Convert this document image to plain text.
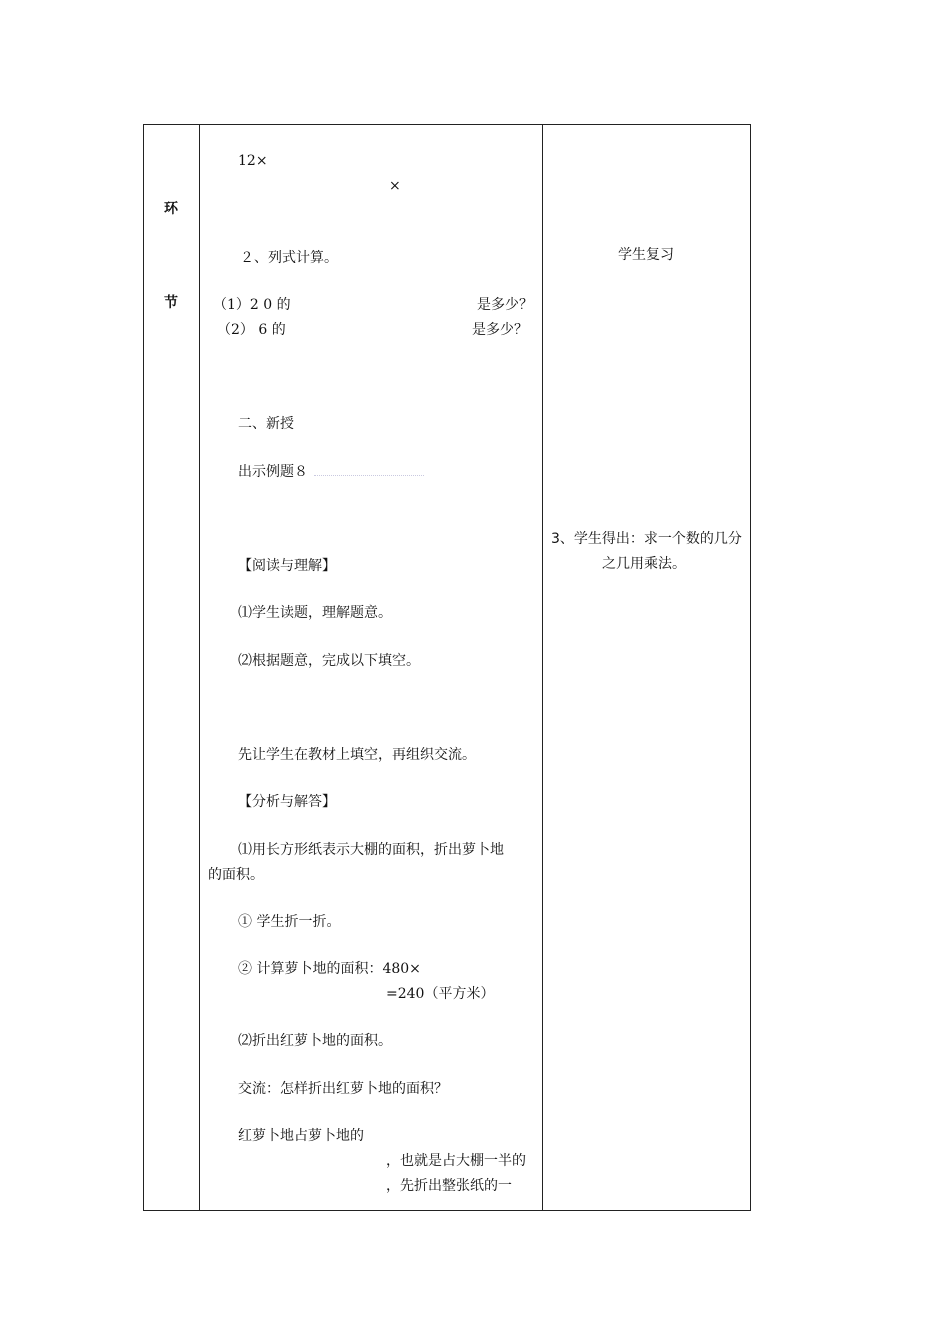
环
节
12×
×
２、列式计算。
（1）2 0 的	是多少？
（2） 6 的	是多少？
二、新授
出示例题８
【阅读与理解】
⑴学生读题，理解题意。
⑵根据题意，完成以下填空。
先让学生在教材上填空，再组织交流。
【分析与解答】
⑴用长方形纸表示大棚的面积，折出萝卜地
的面积。
① 学生折一折。
② 计算萝卜地的面积：480×
=240（平方米）
⑵折出红萝卜地的面积。
交流：怎样折出红萝卜地的面积？
红萝卜地占萝卜地的
，也就是占大棚一半的
，先折出整张纸的一
学生复习
3、学生得出：求一个数的几分
之几用乘法。
